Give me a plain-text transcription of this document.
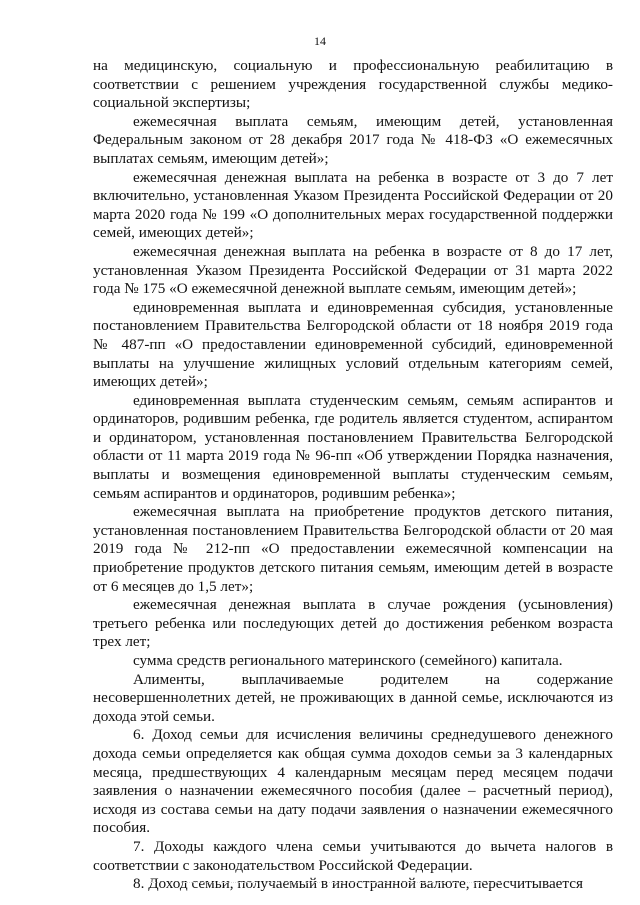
14

на медицинскую, социальную и профессиональную реабилитацию в соответствии с решением учреждения государственной службы медико-социальной экспертизы;

ежемесячная выплата семьям, имеющим детей, установленная Федеральным законом от 28 декабря 2017 года № 418-ФЗ «О ежемесячных выплатах семьям, имеющим детей»;

ежемесячная денежная выплата на ребенка в возрасте от 3 до 7 лет включительно, установленная Указом Президента Российской Федерации от 20 марта 2020 года № 199 «О дополнительных мерах государственной поддержки семей, имеющих детей»;

ежемесячная денежная выплата на ребенка в возрасте от 8 до 17 лет, установленная Указом Президента Российской Федерации от 31 марта 2022 года № 175 «О ежемесячной денежной выплате семьям, имеющим детей»;

единовременная выплата и единовременная субсидия, установленные постановлением Правительства Белгородской области от 18 ноября 2019 года № 487-пп «О предоставлении единовременной субсидий, единовременной выплаты на улучшение жилищных условий отдельным категориям семей, имеющих детей»;

единовременная выплата студенческим семьям, семьям аспирантов и ординаторов, родившим ребенка, где родитель является студентом, аспирантом и ординатором, установленная постановлением Правительства Белгородской области от 11 марта 2019 года № 96-пп «Об утверждении Порядка назначения, выплаты и возмещения единовременной выплаты студенческим семьям, семьям аспирантов и ординаторов, родившим ребенка»;

ежемесячная выплата на приобретение продуктов детского питания, установленная постановлением Правительства Белгородской области от 20 мая 2019 года № 212-пп «О предоставлении ежемесячной компенсации на приобретение продуктов детского питания семьям, имеющим детей в возрасте от 6 месяцев до 1,5 лет»;

ежемесячная денежная выплата в случае рождения (усыновления) третьего ребенка или последующих детей до достижения ребенком возраста трех лет;

сумма средств регионального материнского (семейного) капитала.

Алименты, выплачиваемые родителем на содержание несовершеннолетних детей, не проживающих в данной семье, исключаются из дохода этой семьи.

6. Доход семьи для исчисления величины среднедушевого денежного дохода семьи определяется как общая сумма доходов семьи за 3 календарных месяца, предшествующих 4 календарным месяцам перед месяцем подачи заявления о назначении ежемесячного пособия (далее – расчетный период), исходя из состава семьи на дату подачи заявления о назначении ежемесячного пособия.

7. Доходы каждого члена семьи учитываются до вычета налогов в соответствии с законодательством Российской Федерации.

8. Доход семьи, получаемый в иностранной валюте, пересчитывается
